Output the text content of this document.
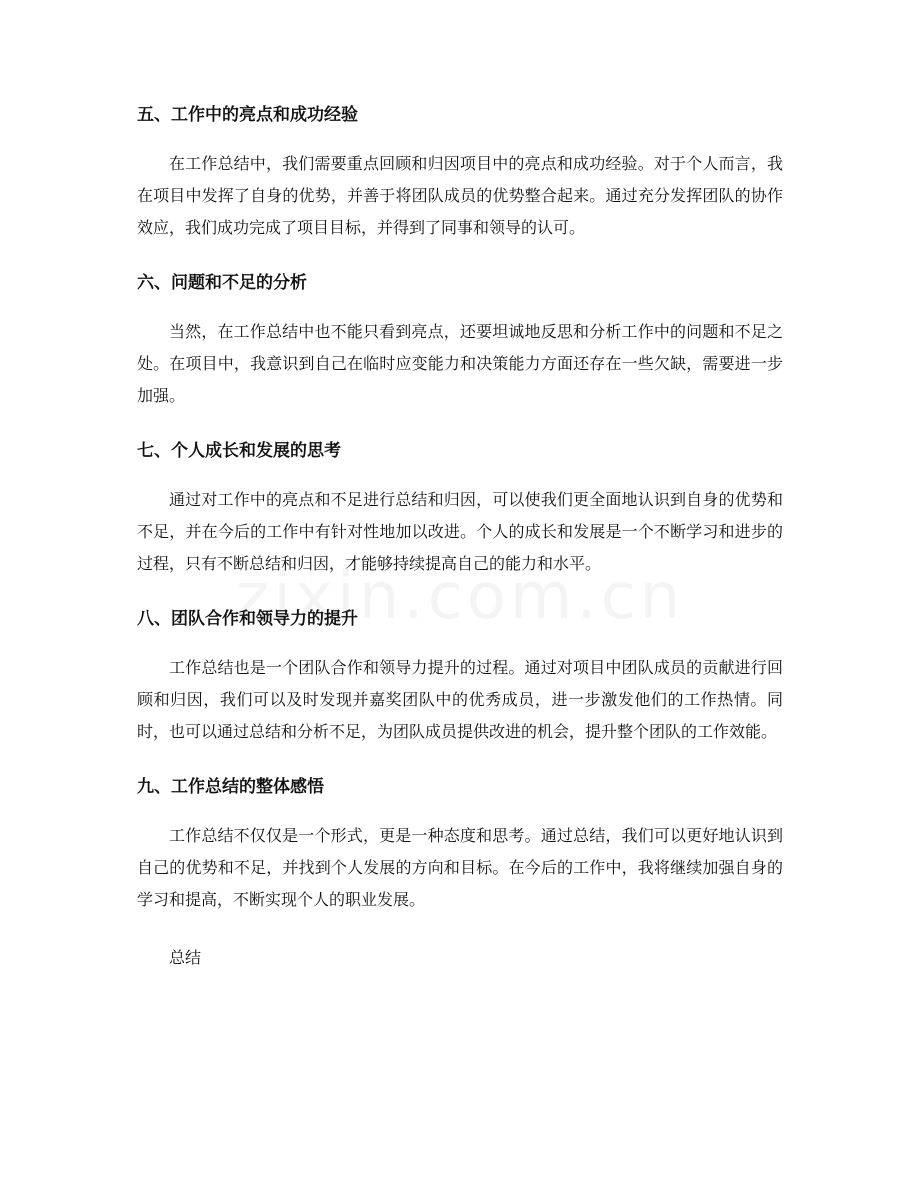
五、工作中的亮点和成功经验

在工作总结中，我们需要重点回顾和归因项目中的亮点和成功经验。对于个人而言，我在项目中发挥了自身的优势，并善于将团队成员的优势整合起来。通过充分发挥团队的协作效应，我们成功完成了项目目标，并得到了同事和领导的认可。

六、问题和不足的分析

当然，在工作总结中也不能只看到亮点，还要坦诚地反思和分析工作中的问题和不足之处。在项目中，我意识到自己在临时应变能力和决策能力方面还存在一些欠缺，需要进一步加强。

七、个人成长和发展的思考

通过对工作中的亮点和不足进行总结和归因，可以使我们更全面地认识到自身的优势和不足，并在今后的工作中有针对性地加以改进。个人的成长和发展是一个不断学习和进步的过程，只有不断总结和归因，才能够持续提高自己的能力和水平。

八、团队合作和领导力的提升

工作总结也是一个团队合作和领导力提升的过程。通过对项目中团队成员的贡献进行回顾和归因，我们可以及时发现并嘉奖团队中的优秀成员，进一步激发他们的工作热情。同时，也可以通过总结和分析不足，为团队成员提供改进的机会，提升整个团队的工作效能。

九、工作总结的整体感悟

工作总结不仅仅是一个形式，更是一种态度和思考。通过总结，我们可以更好地认识到自己的优势和不足，并找到个人发展的方向和目标。在今后的工作中，我将继续加强自身的学习和提高，不断实现个人的职业发展。

总结
